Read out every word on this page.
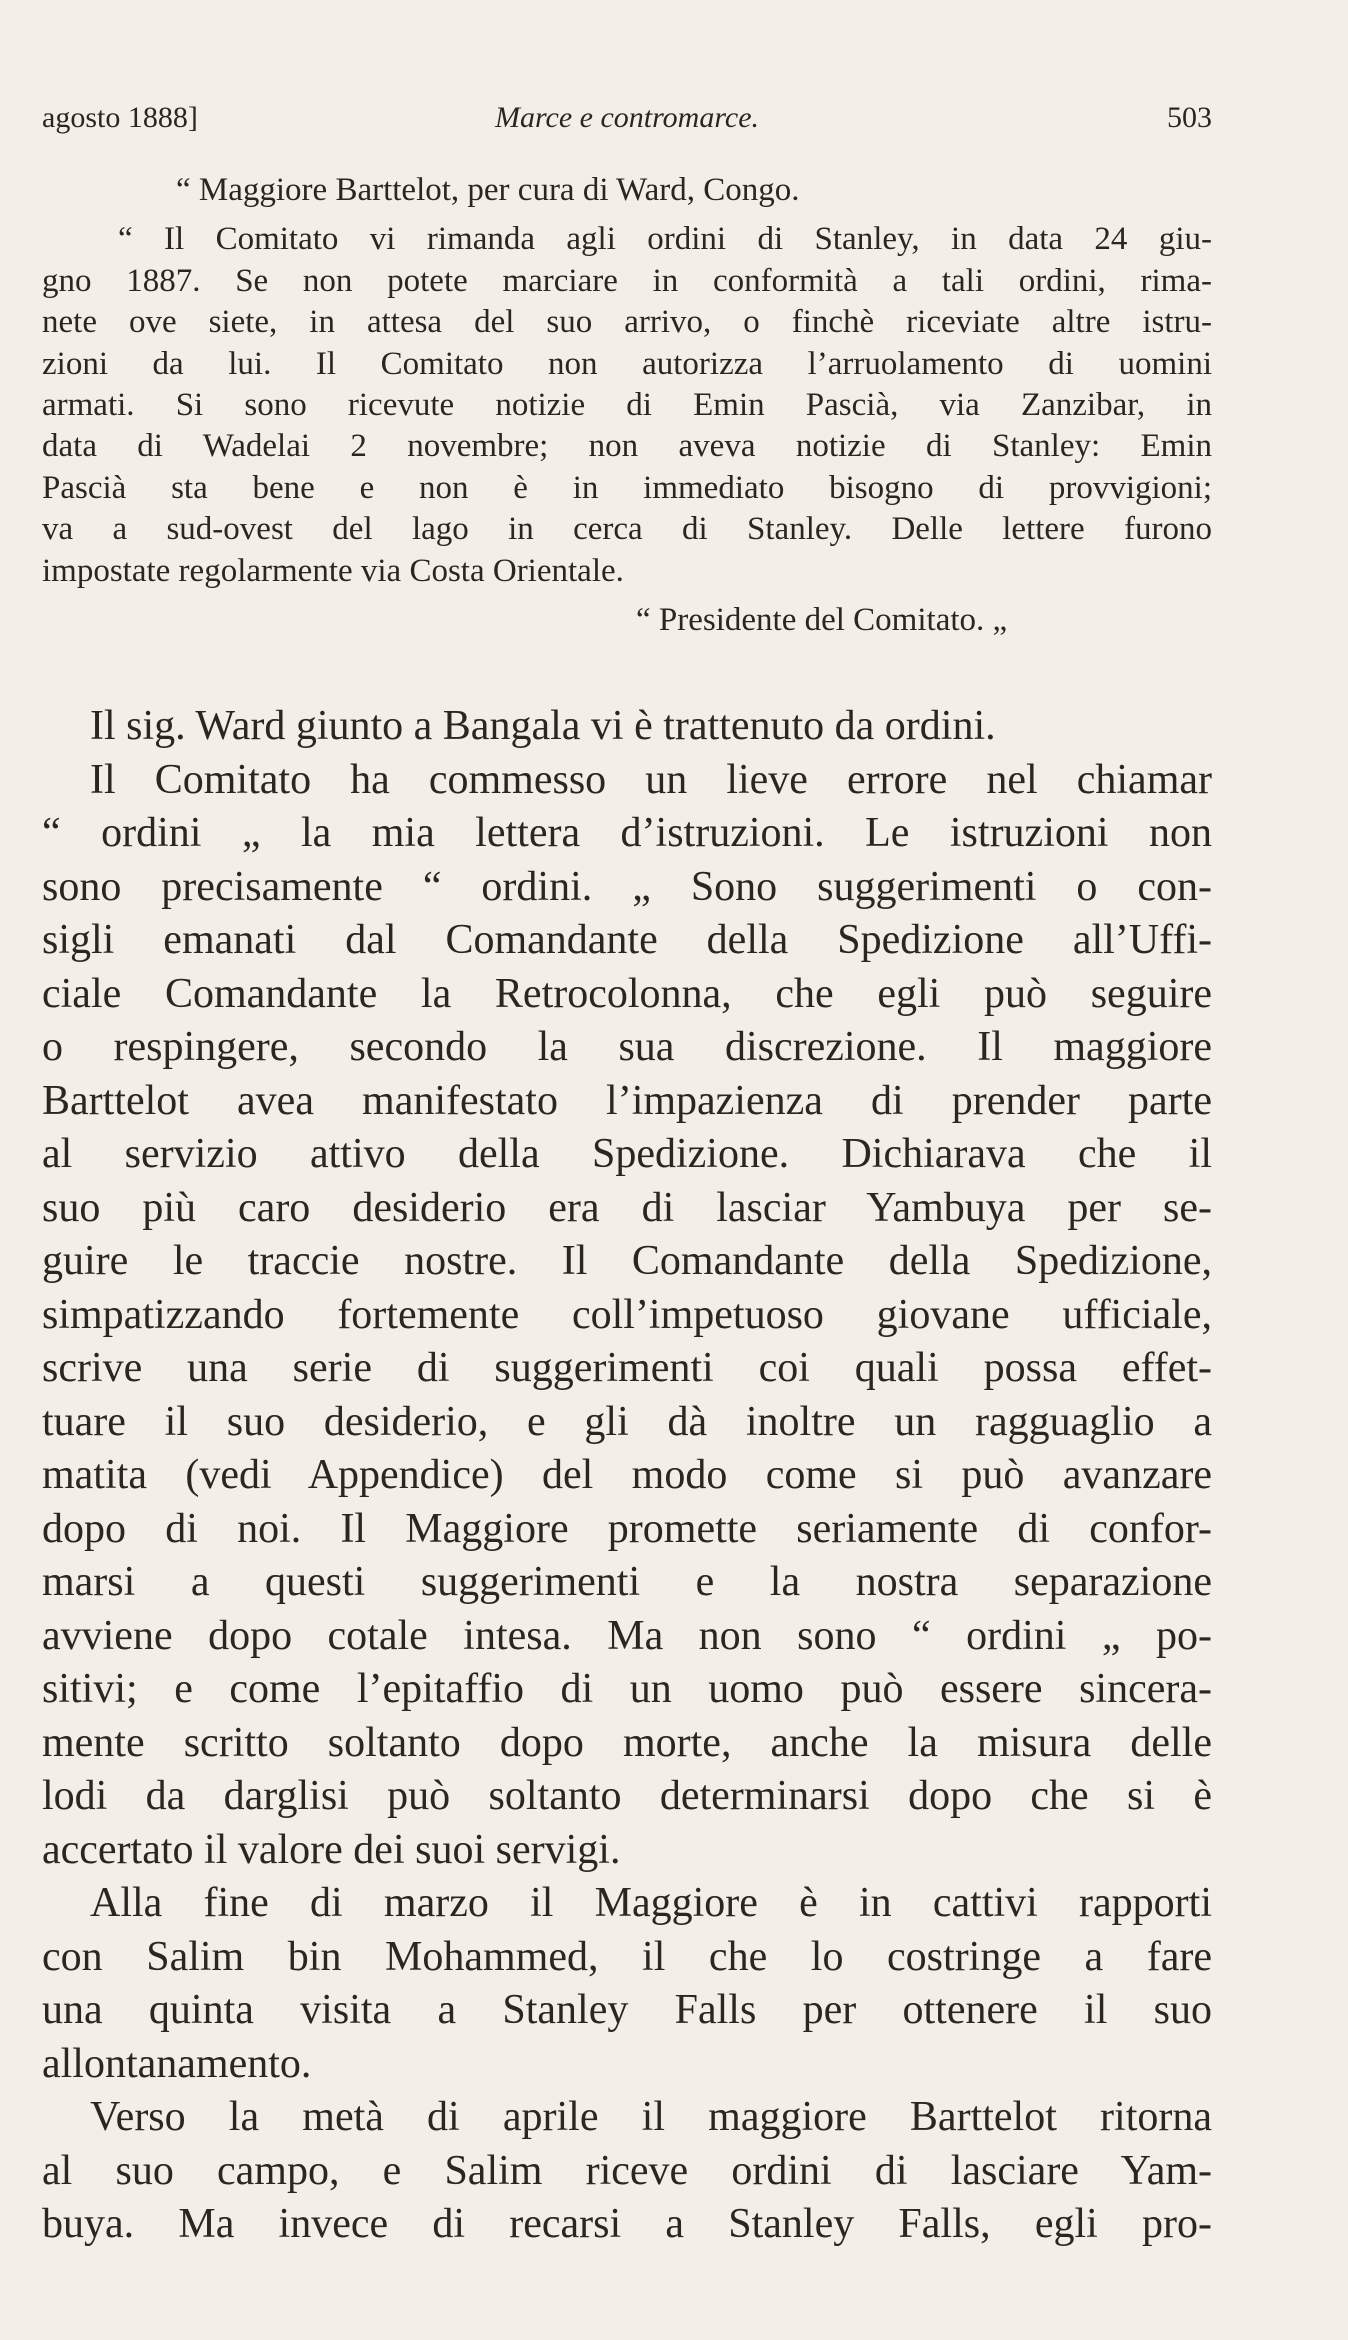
agosto 1888]	Marce e contromarce.	503
“ Maggiore Barttelot, per cura di Ward, Congo.
“ Il Comitato vi rimanda agli ordini di Stanley, in data 24 giu-
gno 1887. Se non potete marciare in conformità a tali ordini, rima-
nete ove siete, in attesa del suo arrivo, o finchè riceviate altre istru-
zioni da lui. Il Comitato non autorizza l’arruolamento di uomini
armati. Si sono ricevute notizie di Emin Pascià, via Zanzibar, in
data di Wadelai 2 novembre; non aveva notizie di Stanley: Emin
Pascià sta bene e non è in immediato bisogno di provvigioni;
va a sud-ovest del lago in cerca di Stanley. Delle lettere furono
impostate regolarmente via Costa Orientale.
“ Presidente del Comitato. „
Il sig. Ward giunto a Bangala vi è trattenuto da ordini.
Il Comitato ha commesso un lieve errore nel chiamar
“ ordini „ la mia lettera d’istruzioni. Le istruzioni non
sono precisamente “ ordini. „ Sono suggerimenti o con-
sigli emanati dal Comandante della Spedizione all’Uffi-
ciale Comandante la Retrocolonna, che egli può seguire
o respingere, secondo la sua discrezione. Il maggiore
Barttelot avea manifestato l’impazienza di prender parte
al servizio attivo della Spedizione. Dichiarava che il
suo più caro desiderio era di lasciar Yambuya per se-
guire le traccie nostre. Il Comandante della Spedizione,
simpatizzando fortemente coll’impetuoso giovane ufficiale,
scrive una serie di suggerimenti coi quali possa effet-
tuare il suo desiderio, e gli dà inoltre un ragguaglio a
matita (vedi Appendice) del modo come si può avanzare
dopo di noi. Il Maggiore promette seriamente di confor-
marsi a questi suggerimenti e la nostra separazione
avviene dopo cotale intesa. Ma non sono “ ordini „ po-
sitivi; e come l’epitaffio di un uomo può essere sincera-
mente scritto soltanto dopo morte, anche la misura delle
lodi da darglisi può soltanto determinarsi dopo che si è
accertato il valore dei suoi servigi.
Alla fine di marzo il Maggiore è in cattivi rapporti
con Salim bin Mohammed, il che lo costringe a fare
una quinta visita a Stanley Falls per ottenere il suo
allontanamento.
Verso la metà di aprile il maggiore Barttelot ritorna
al suo campo, e Salim riceve ordini di lasciare Yam-
buya. Ma invece di recarsi a Stanley Falls, egli pro-
